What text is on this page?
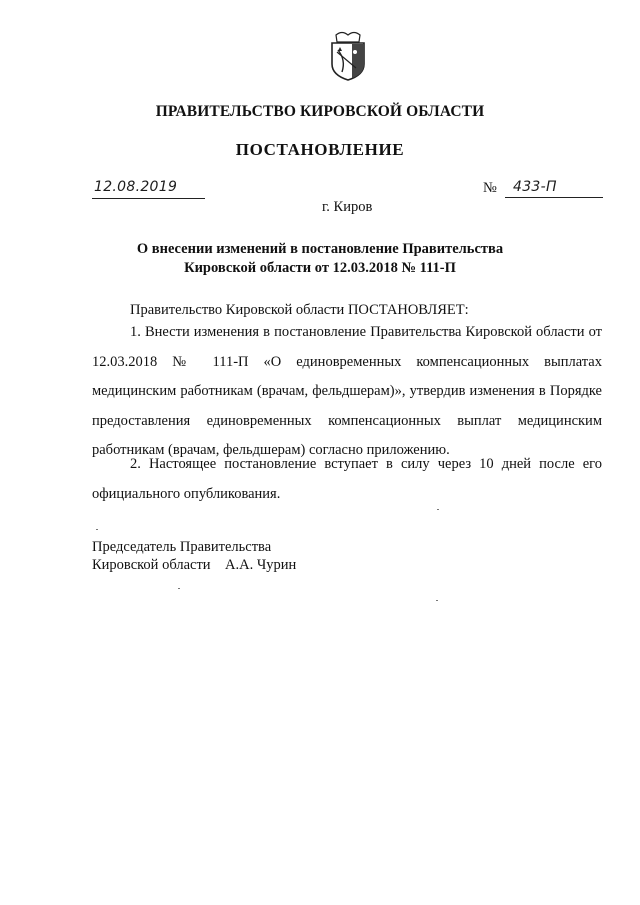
ПРАВИТЕЛЬСТВО КИРОВСКОЙ ОБЛАСТИ
ПОСТАНОВЛЕНИЕ
12.08.2019	№ 433-П
г. Киров
О внесении изменений в постановление Правительства
Кировской области от 12.03.2018 № 111-П

Правительство Кировской области ПОСТАНОВЛЯЕТ:

1. Внести изменения в постановление Правительства Кировской области от 12.03.2018 № 111-П «О единовременных компенсационных выплатах медицинским работникам (врачам, фельдшерам)», утвердив изменения в Порядке предоставления единовременных компенсационных выплат медицинским работникам (врачам, фельдшерам) согласно приложению.

2. Настоящее постановление вступает в силу через 10 дней после его официального опубликования.

Председатель Правительства
Кировской области    А.А. Чурин
